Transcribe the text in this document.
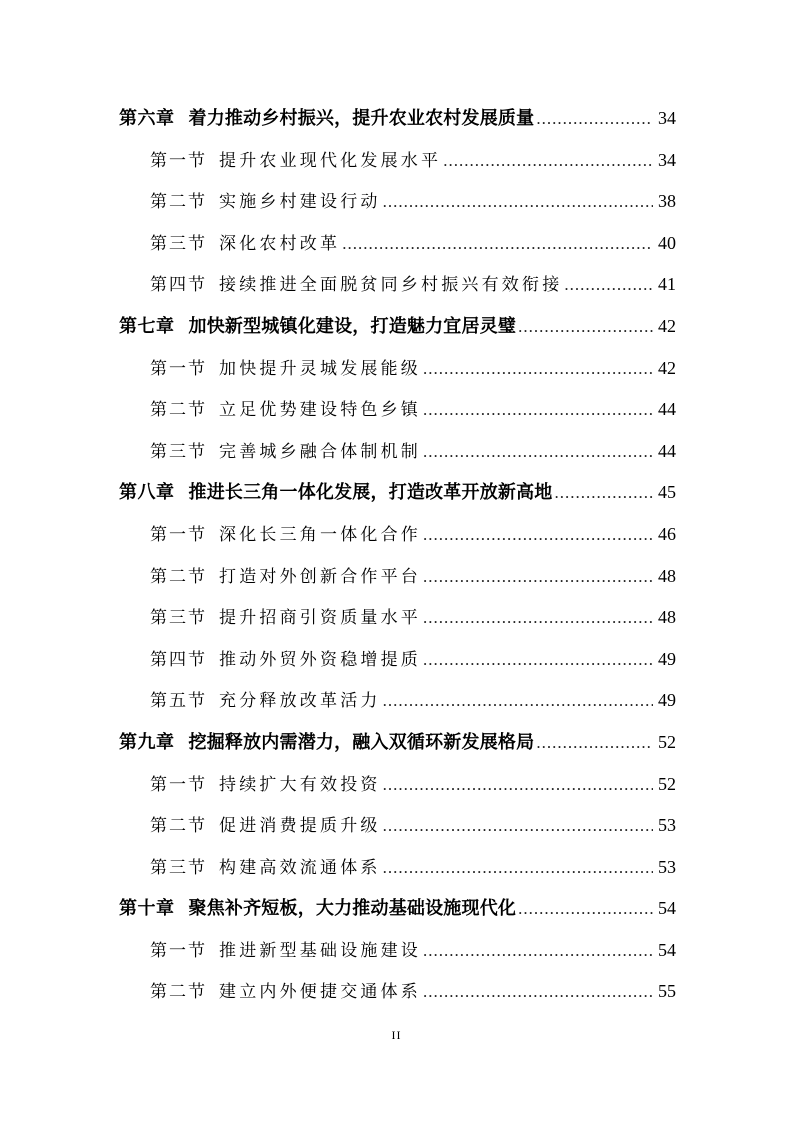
第六章 着力推动乡村振兴，提升农业农村发展质量 .....	34
第一节 提升农业现代化发展水平 .....	34
第二节 实施乡村建设行动 .....	38
第三节 深化农村改革 .....	40
第四节 接续推进全面脱贫同乡村振兴有效衔接 .....	41
第七章 加快新型城镇化建设，打造魅力宜居灵璧 .....	42
第一节 加快提升灵城发展能级 .....	42
第二节 立足优势建设特色乡镇 .....	44
第三节 完善城乡融合体制机制 .....	44
第八章 推进长三角一体化发展，打造改革开放新高地 .....	45
第一节 深化长三角一体化合作 .....	46
第二节 打造对外创新合作平台 .....	48
第三节 提升招商引资质量水平 .....	48
第四节 推动外贸外资稳增提质 .....	49
第五节 充分释放改革活力 .....	49
第九章 挖掘释放内需潜力，融入双循环新发展格局 .....	52
第一节 持续扩大有效投资 .....	52
第二节 促进消费提质升级 .....	53
第三节 构建高效流通体系 .....	53
第十章 聚焦补齐短板，大力推动基础设施现代化 .....	54
第一节 推进新型基础设施建设 .....	54
第二节 建立内外便捷交通体系 .....	55
II
